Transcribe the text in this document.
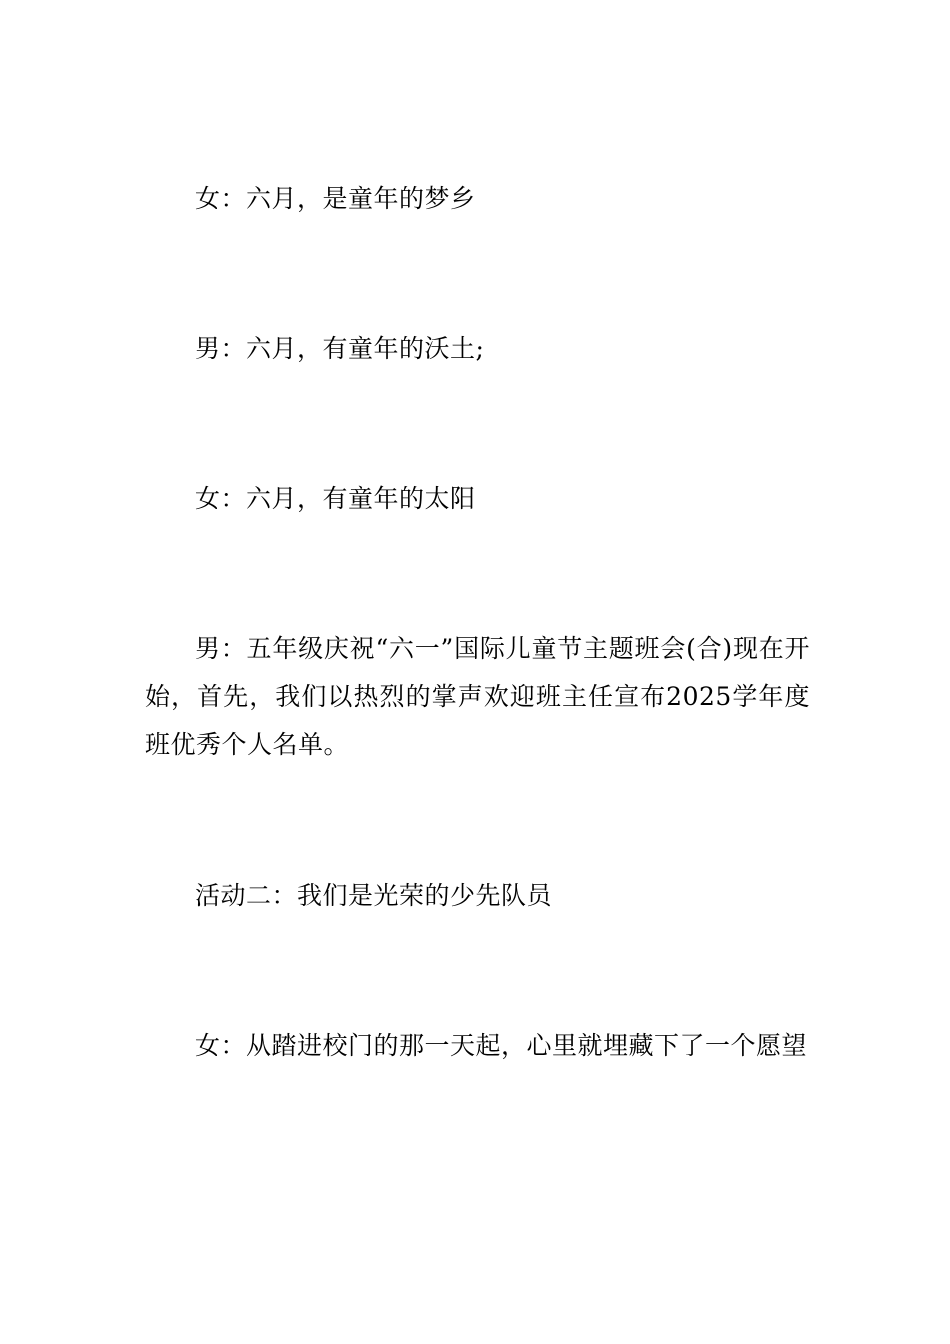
女：六月，是童年的梦乡

男：六月，有童年的沃土;

女：六月，有童年的太阳

男：五年级庆祝“六一”国际儿童节主题班会(合)现在开始，首先，我们以热烈的掌声欢迎班主任宣布2025学年度班优秀个人名单。

活动二：我们是光荣的少先队员

女：从踏进校门的那一天起，心里就埋藏下了一个愿望
